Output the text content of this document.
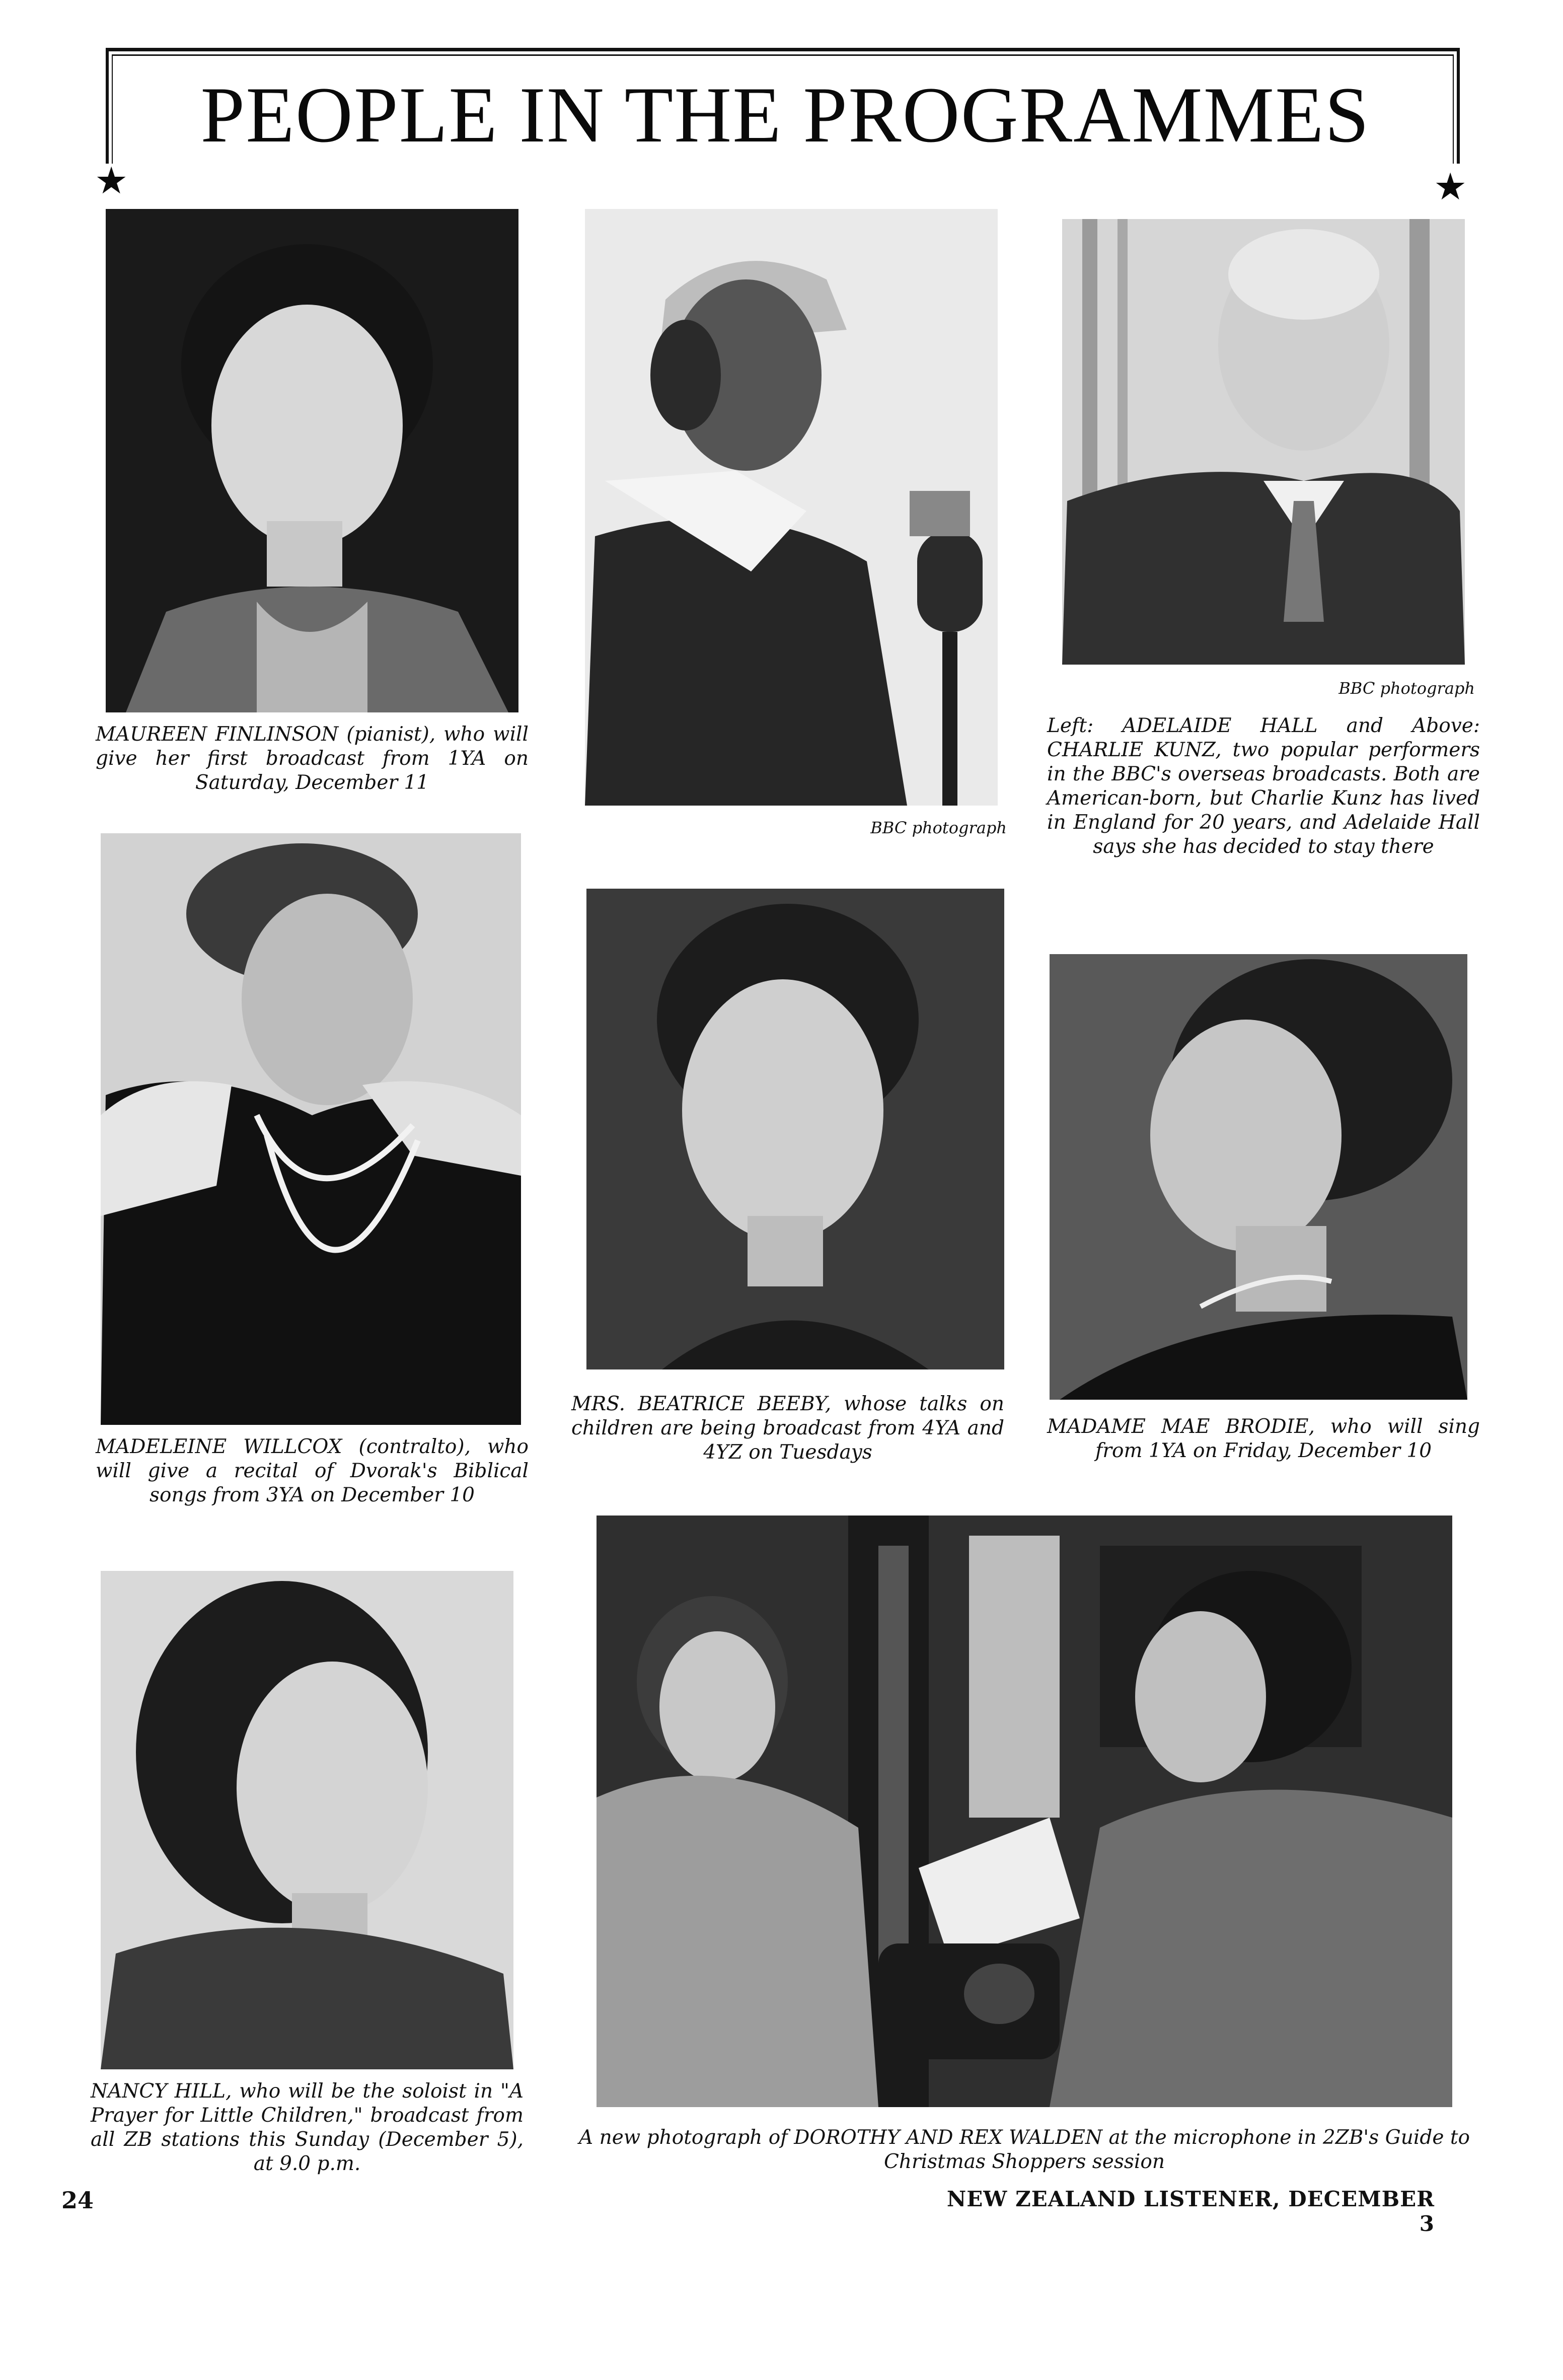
PEOPLE IN THE PROGRAMMES
★	★
MAUREEN FINLINSON (pianist), who will give her first broadcast from 1YA on Saturday, December 11
BBC photograph
BBC photograph
Left: ADELAIDE HALL and Above: CHARLIE KUNZ, two popular performers in the BBC's overseas broadcasts. Both are American-born, but Charlie Kunz has lived in England for 20 years, and Adelaide Hall says she has decided to stay there
MADELEINE WILLCOX (contralto), who will give a recital of Dvorak's Biblical songs from 3YA on December 10
MRS. BEATRICE BEEBY, whose talks on children are being broadcast from 4YA and 4YZ on Tuesdays
MADAME MAE BRODIE, who will sing from 1YA on Friday, December 10
NANCY HILL, who will be the soloist in "A Prayer for Little Children," broadcast from all ZB stations this Sunday (December 5), at 9.0 p.m.
A new photograph of DOROTHY AND REX WALDEN at the microphone in 2ZB's Guide to Christmas Shoppers session
24	NEW ZEALAND LISTENER, DECEMBER 3
